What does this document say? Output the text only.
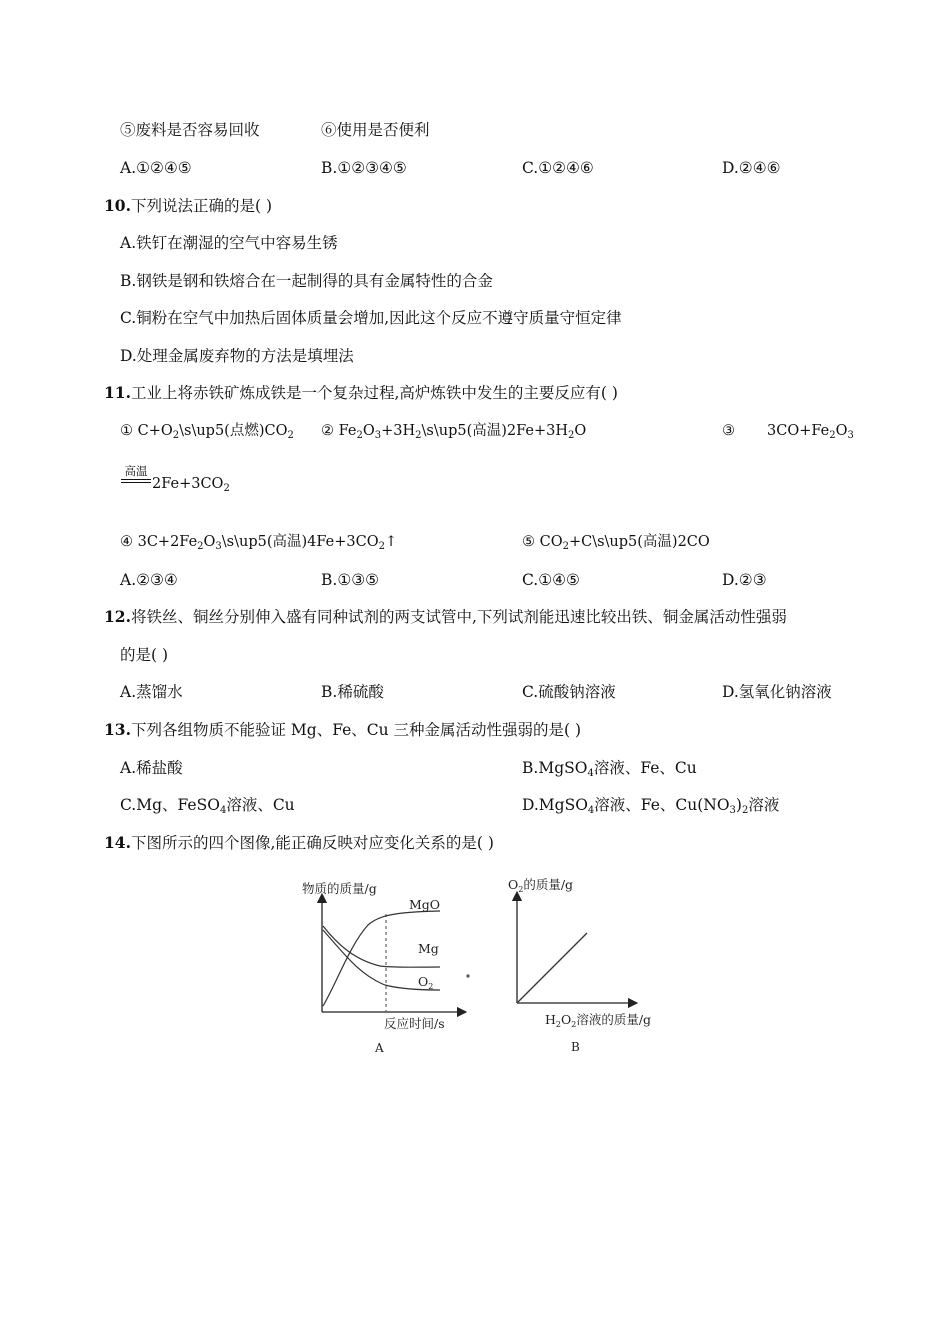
⑤废料是否容易回收	⑥使用是否便利
A.①②④⑤	B.①②③④⑤	C.①②④⑥	D.②④⑥
10.下列说法正确的是( )
A.铁钉在潮湿的空气中容易生锈
B.钢铁是钢和铁熔合在一起制得的具有金属特性的合金
C.铜粉在空气中加热后固体质量会增加,因此这个反应不遵守质量守恒定律
D.处理金属废弃物的方法是填埋法
11.工业上将赤铁矿炼成铁是一个复杂过程,高炉炼铁中发生的主要反应有( )
① $C+O_2\backslash s\backslash up5$(点燃)$CO_2$ ② $Fe_2O_3+3H_2\backslash s\backslash up5$(高温)$2Fe+3H_2O$	③ $3CO+Fe_2O_3$
高温
$2Fe+3CO_2$
④ $3C+2Fe_2O_3\backslash s\backslash up5$(高温)$4Fe+3CO_2↑$	⑤ $CO_2+C\backslash s\backslash up5$(高温)2CO
A.②③④	B.①③⑤	C.①④⑤	D.②③
12.将铁丝、铜丝分别伸入盛有同种试剂的两支试管中,下列试剂能迅速比较出铁、铜金属活动性强弱
的是( )
A.蒸馏水	B.稀硫酸	C.硫酸钠溶液	D.氢氧化钠溶液
13.下列各组物质不能验证 Mg、Fe、Cu 三种金属活动性强弱的是( )
A.稀盐酸	B.MgSO$_4$溶液、Fe、Cu
C.Mg、FeSO$_4$溶液、Cu	D.MgSO$_4$溶液、Fe、$Cu(NO_3)_2$溶液
14.下图所示的四个图像,能正确反映对应变化关系的是( )
物质的质量/g
反应时间/s
MgO
Mg
$O_2$
A
$O_2$的质量/g
$H_2O_2$溶液的质量/g
B
